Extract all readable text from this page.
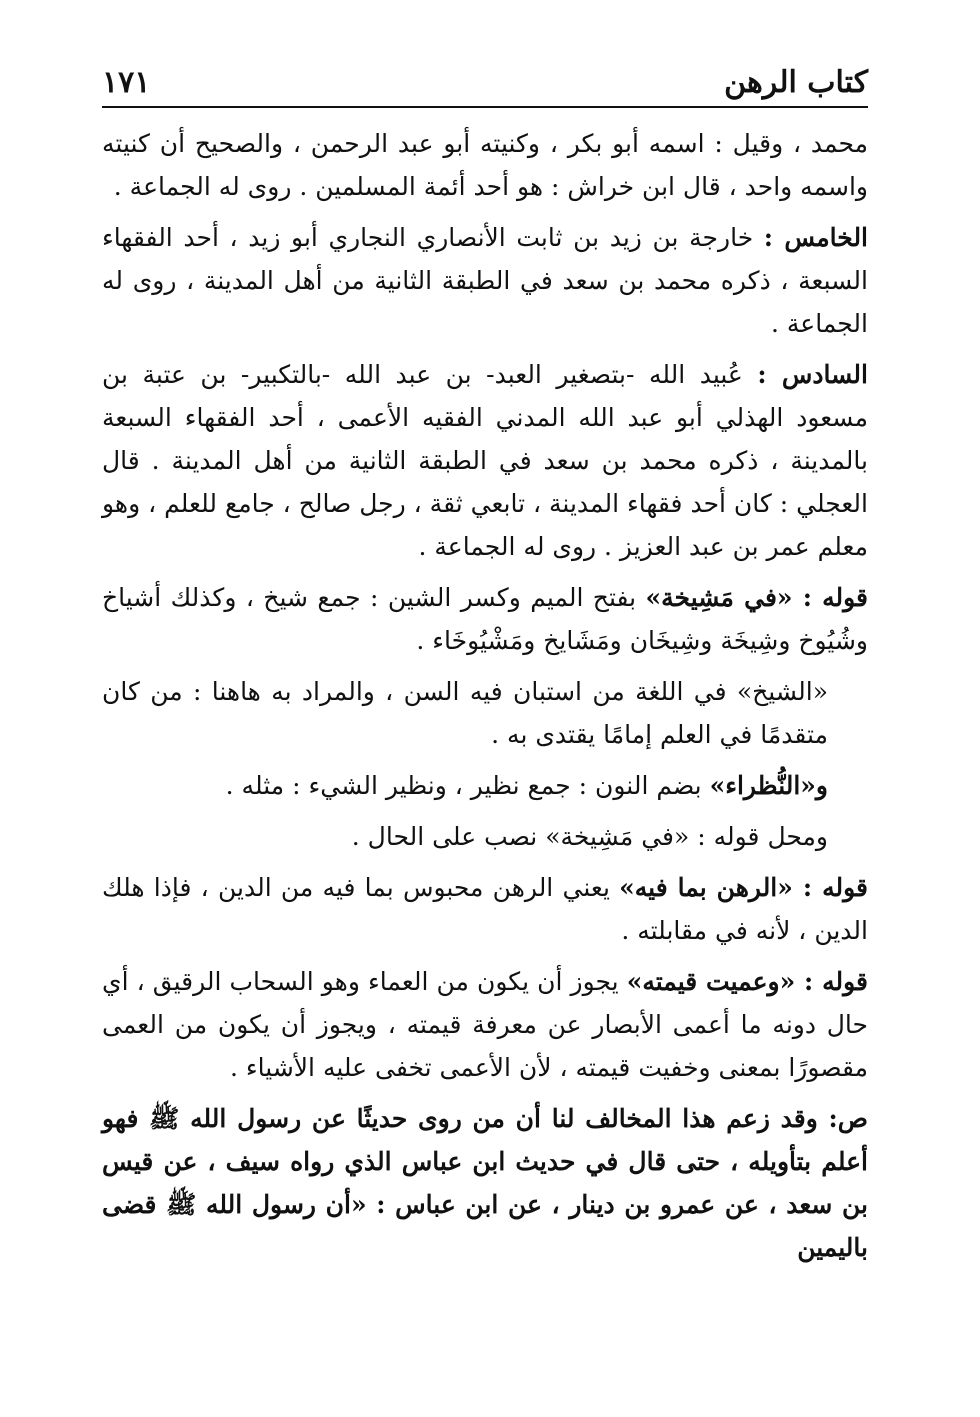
كتاب الرهن
١٧١

محمد ، وقيل : اسمه أبو بكر ، وكنيته أبو عبد الرحمن ، والصحيح أن كنيته واسمه واحد ، قال ابن خراش : هو أحد أئمة المسلمين . روى له الجماعة .

الخامس : خارجة بن زيد بن ثابت الأنصاري النجاري أبو زيد ، أحد الفقهاء السبعة ، ذكره محمد بن سعد في الطبقة الثانية من أهل المدينة ، روى له الجماعة .

السادس : عُبيد الله -بتصغير العبد- بن عبد الله -بالتكبير- بن عتبة بن مسعود الهذلي أبو عبد الله المدني الفقيه الأعمى ، أحد الفقهاء السبعة بالمدينة ، ذكره محمد بن سعد في الطبقة الثانية من أهل المدينة . قال العجلي : كان أحد فقهاء المدينة ، تابعي ثقة ، رجل صالح ، جامع للعلم ، وهو معلم عمر بن عبد العزيز . روى له الجماعة .

قوله : «في مَشِيخة» بفتح الميم وكسر الشين : جمع شيخ ، وكذلك أشياخ وشُيُوخ وشِيخَة وشِيخَان ومَشَايخ ومَشْيُوخَاء .

«الشيخ» في اللغة من استبان فيه السن ، والمراد به هاهنا : من كان متقدمًا في العلم إمامًا يقتدى به .

و«النُّظراء» بضم النون : جمع نظير ، ونظير الشيء : مثله .

ومحل قوله : «في مَشِيخة» نصب على الحال .

قوله : «الرهن بما فيه» يعني الرهن محبوس بما فيه من الدين ، فإذا هلك الدين ، لأنه في مقابلته .

قوله : «وعميت قيمته» يجوز أن يكون من العماء وهو السحاب الرقيق ، أي حال دونه ما أعمى الأبصار عن معرفة قيمته ، ويجوز أن يكون من العمى مقصورًا بمعنى وخفيت قيمته ، لأن الأعمى تخفى عليه الأشياء .

ص: وقد زعم هذا المخالف لنا أن من روى حديثًا عن رسول الله ﷺ فهو أعلم بتأويله ، حتى قال في حديث ابن عباس الذي رواه سيف ، عن قيس بن سعد ، عن عمرو بن دينار ، عن ابن عباس : «أن رسول الله ﷺ قضى باليمين
